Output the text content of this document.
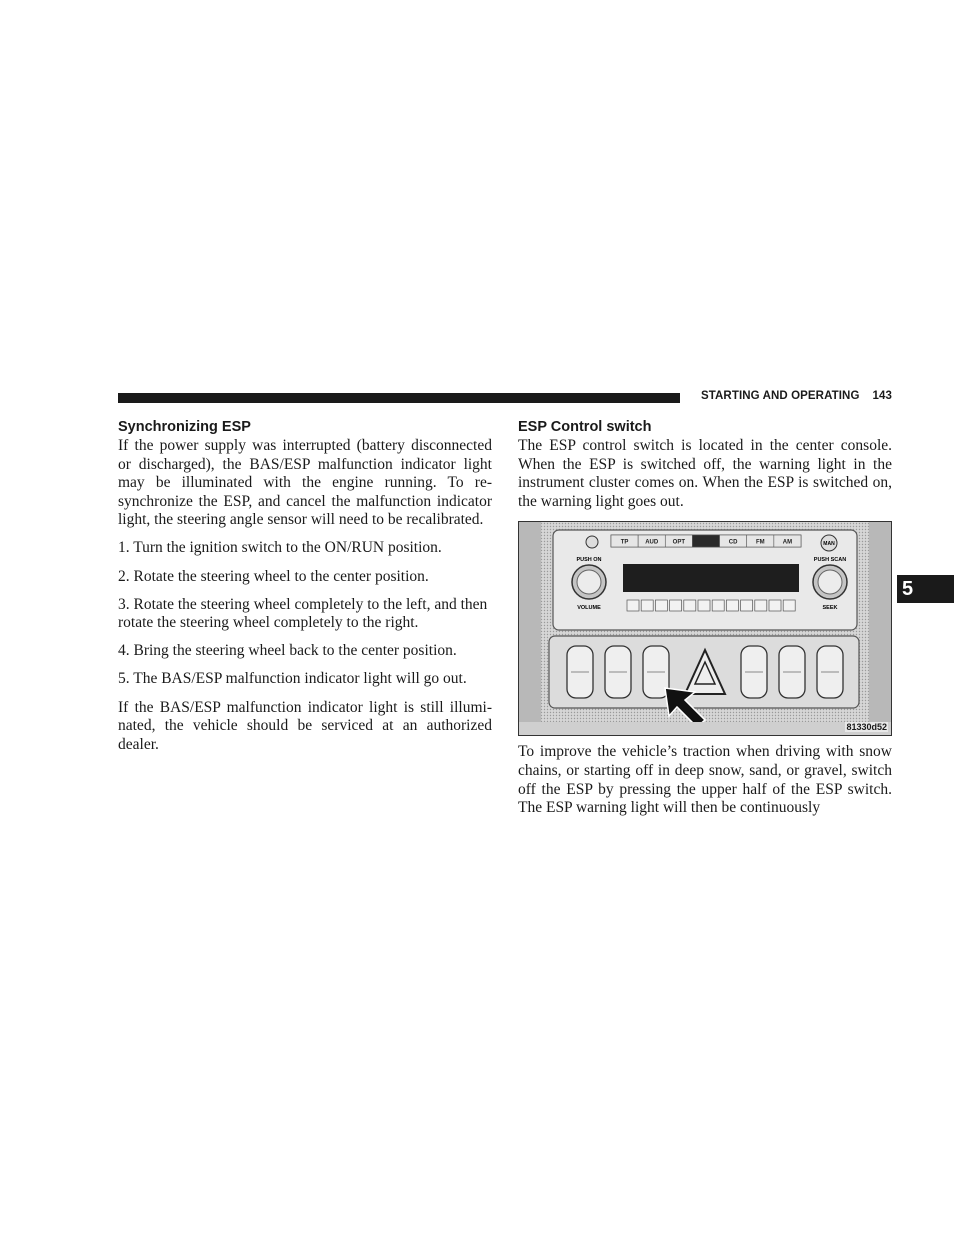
STARTING AND OPERATING 143
5
Synchronizing ESP

If the power supply was interrupted (battery disconnected or discharged), the BAS/ESP malfunction indicator light may be illuminated with the engine running. To re-synchronize the ESP, and cancel the malfunction indicator light, the steering angle sensor will need to be recalibrated.

1. Turn the ignition switch to the ON/RUN position.

2. Rotate the steering wheel to the center position.

3. Rotate the steering wheel completely to the left, and then rotate the steering wheel completely to the right.

4. Bring the steering wheel back to the center position.

5. The BAS/ESP malfunction indicator light will go out.

If the BAS/ESP malfunction indicator light is still illuminated, the vehicle should be serviced at an authorized dealer.

ESP Control switch

The ESP control switch is located in the center console. When the ESP is switched off, the warning light in the instrument cluster comes on. When the ESP is switched on, the warning light goes out.

TP	AUD OPT	CD	FM	AM	MAN
PUSH ON	PUSH SCAN
VOLUME	SEEK
81330d52

To improve the vehicle’s traction when driving with snow chains, or starting off in deep snow, sand, or gravel, switch off the ESP by pressing the upper half of the ESP switch. The ESP warning light will then be continuously
